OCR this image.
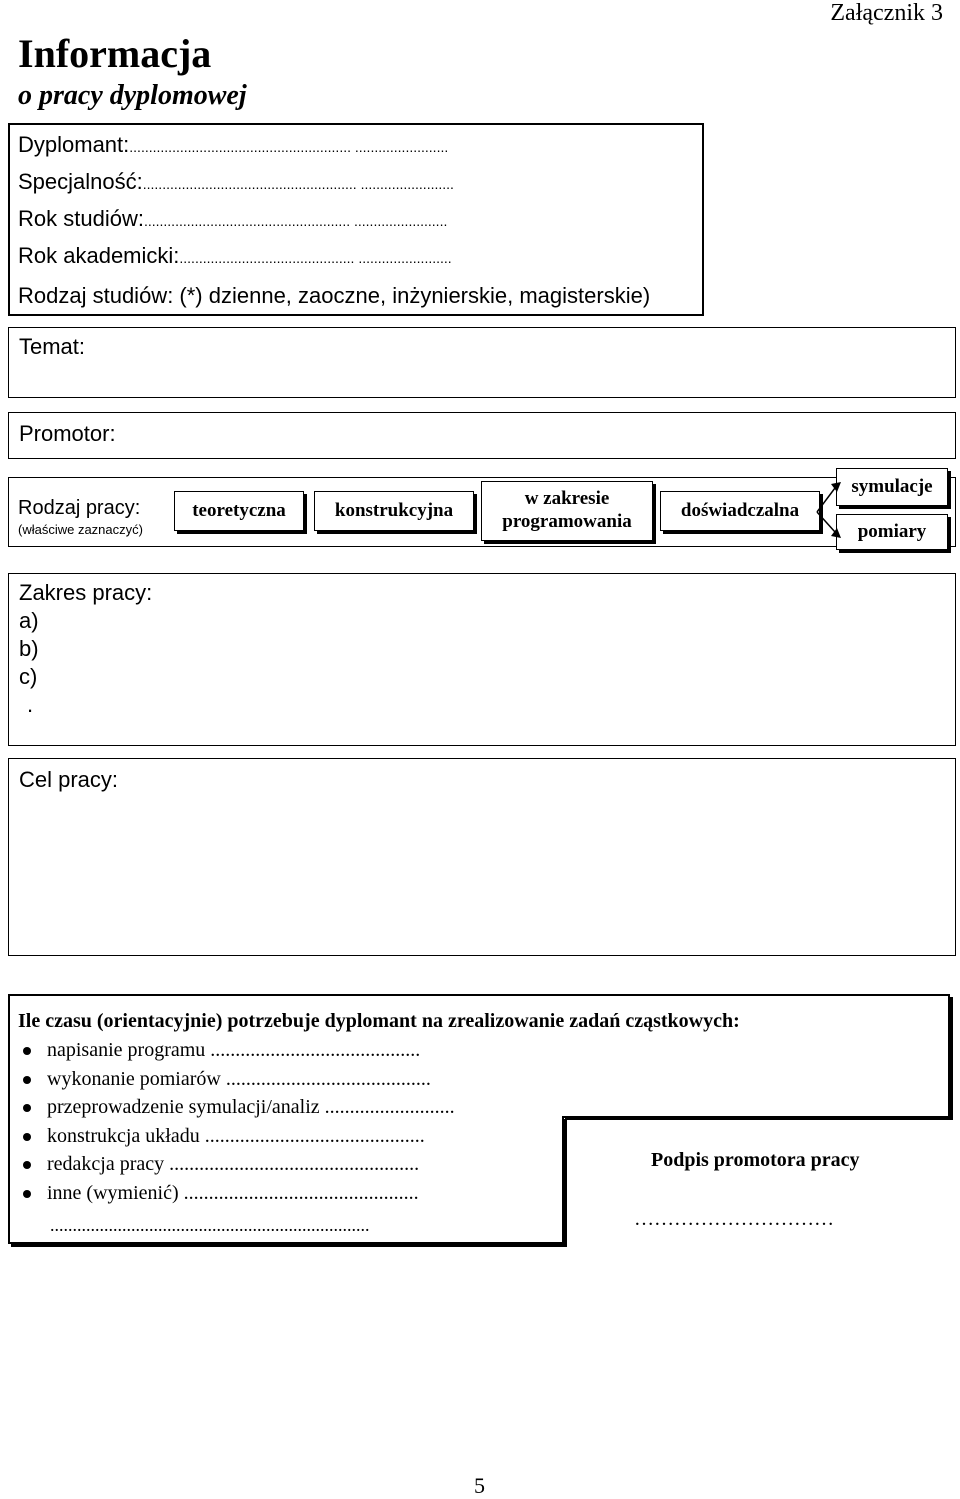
Załącznik 3
Informacja
o pracy dyplomowej
Dyplomant:......................................................... ........................
Specjalność:....................................................... ........................
Rok studiów:..................................................... ........................
Rok akademicki:............................................. ........................
Rodzaj studiów: (*) dzienne, zaoczne, inżynierskie, magisterskie)
Temat:
Promotor:
Rodzaj pracy:
(właściwe zaznaczyć)
teoretyczna	konstrukcyjna
w zakresie programowania
doświadczalna
symulacje
pomiary
Zakres pracy:
a)
b)
c)
.
Cel pracy:
Ile czasu (orientacyjnie) potrzebuje dyplomant na zrealizowanie zadań cząstkowych:
napisanie programu ..........................................
wykonanie pomiarów .........................................
przeprowadzenie symulacji/analiz ..........................
konstrukcja układu ............................................
redakcja pracy ..................................................
inne (wymienić) ...............................................
.......................................................................
Podpis promotora pracy
…………………………
5
